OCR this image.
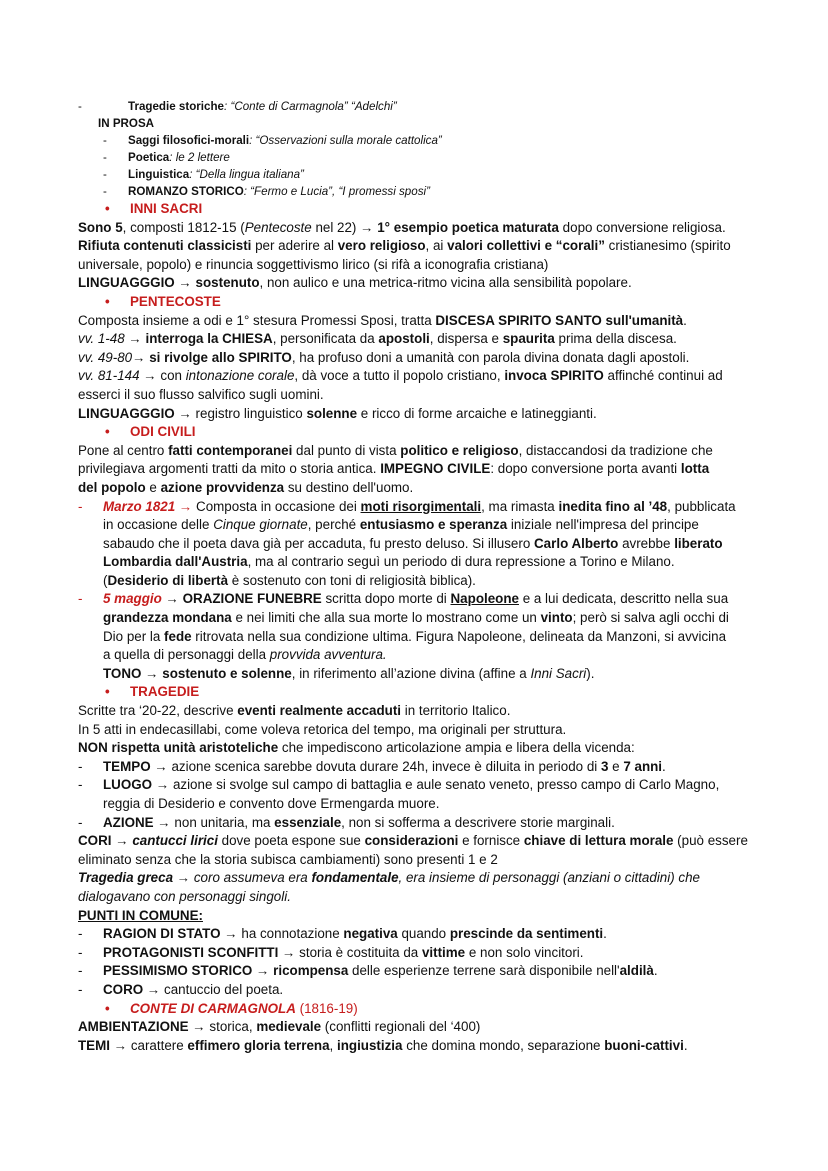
-	Tragedie storiche: “Conte di Carmagnola” “Adelchi”
IN PROSA
- Saggi filosofici-morali: “Osservazioni sulla morale cattolica”
- Poetica: le 2 lettere
- Linguistica: “Della lingua italiana”
- ROMANZO STORICO: “Fermo e Lucia”, “I promessi sposi”
• INNI SACRI
Sono 5, composti 1812-15 (Pentecoste nel 22) → 1° esempio poetica maturata dopo conversione religiosa.
Rifiuta contenuti classicisti per aderire al vero religioso, ai valori collettivi e “corali” cristianesimo (spirito
universale, popolo) e rinuncia soggettivismo lirico (si rifà a iconografia cristiana)
LINGUAGGGIO → sostenuto, non aulico e una metrica-ritmo vicina alla sensibilità popolare.
• PENTECOSTE
Composta insieme a odi e 1° stesura Promessi Sposi, tratta DISCESA SPIRITO SANTO sull'umanità.
vv. 1-48 → interroga la CHIESA, personificata da apostoli, dispersa e spaurita prima della discesa.
vv. 49-80→ si rivolge allo SPIRITO, ha profuso doni a umanità con parola divina donata dagli apostoli.
vv. 81-144 → con intonazione corale, dà voce a tutto il popolo cristiano, invoca SPIRITO affinché continui ad
esserci il suo flusso salvifico sugli uomini.
LINGUAGGGIO → registro linguistico solenne e ricco di forme arcaiche e latineggianti.
• ODI CIVILI
Pone al centro fatti contemporanei dal punto di vista politico e religioso, distaccandosi da tradizione che
privilegiava argomenti tratti da mito o storia antica. IMPEGNO CIVILE: dopo conversione porta avanti lotta
del popolo e azione provvidenza su destino dell'uomo.
- Marzo 1821 → Composta in occasione dei moti risorgimentali, ma rimasta inedita fino al ’48, pubblicata
in occasione delle Cinque giornate, perché entusiasmo e speranza iniziale nell'impresa del principe
sabaudo che il poeta dava già per accaduta, fu presto deluso. Si illusero Carlo Alberto avrebbe liberato
Lombardia dall'Austria, ma al contrario seguì un periodo di dura repressione a Torino e Milano.
(Desiderio di libertà è sostenuto con toni di religiosità biblica).
- 5 maggio → ORAZIONE FUNEBRE scritta dopo morte di Napoleone e a lui dedicata, descritto nella sua
grandezza mondana e nei limiti che alla sua morte lo mostrano come un vinto; però si salva agli occhi di
Dio per la fede ritrovata nella sua condizione ultima. Figura Napoleone, delineata da Manzoni, si avvicina
a quella di personaggi della provvida avventura.
TONO → sostenuto e solenne, in riferimento all’azione divina (affine a Inni Sacri).
• TRAGEDIE
Scritte tra ‘20-22, descrive eventi realmente accaduti in territorio Italico.
In 5 atti in endecasillabi, come voleva retorica del tempo, ma originali per struttura.
NON rispetta unità aristoteliche che impediscono articolazione ampia e libera della vicenda:
- TEMPO → azione scenica sarebbe dovuta durare 24h, invece è diluita in periodo di 3 e 7 anni.
- LUOGO → azione si svolge sul campo di battaglia e aule senato veneto, presso campo di Carlo Magno,
reggia di Desiderio e convento dove Ermengarda muore.
- AZIONE → non unitaria, ma essenziale, non si sofferma a descrivere storie marginali.
CORI → cantucci lirici dove poeta espone sue considerazioni e fornisce chiave di lettura morale (può essere
eliminato senza che la storia subisca cambiamenti) sono presenti 1 e 2
Tragedia greca → coro assumeva era fondamentale, era insieme di personaggi (anziani o cittadini) che
dialogavano con personaggi singoli.
PUNTI IN COMUNE:
- RAGION DI STATO → ha connotazione negativa quando prescinde da sentimenti.
- PROTAGONISTI SCONFITTI → storia è costituita da vittime e non solo vincitori.
- PESSIMISMO STORICO → ricompensa delle esperienze terrene sarà disponibile nell'aldilà.
- CORO → cantuccio del poeta.
• CONTE DI CARMAGNOLA (1816-19)
AMBIENTAZIONE → storica, medievale (conflitti regionali del ‘400)
TEMI → carattere effimero gloria terrena, ingiustizia che domina mondo, separazione buoni-cattivi.
